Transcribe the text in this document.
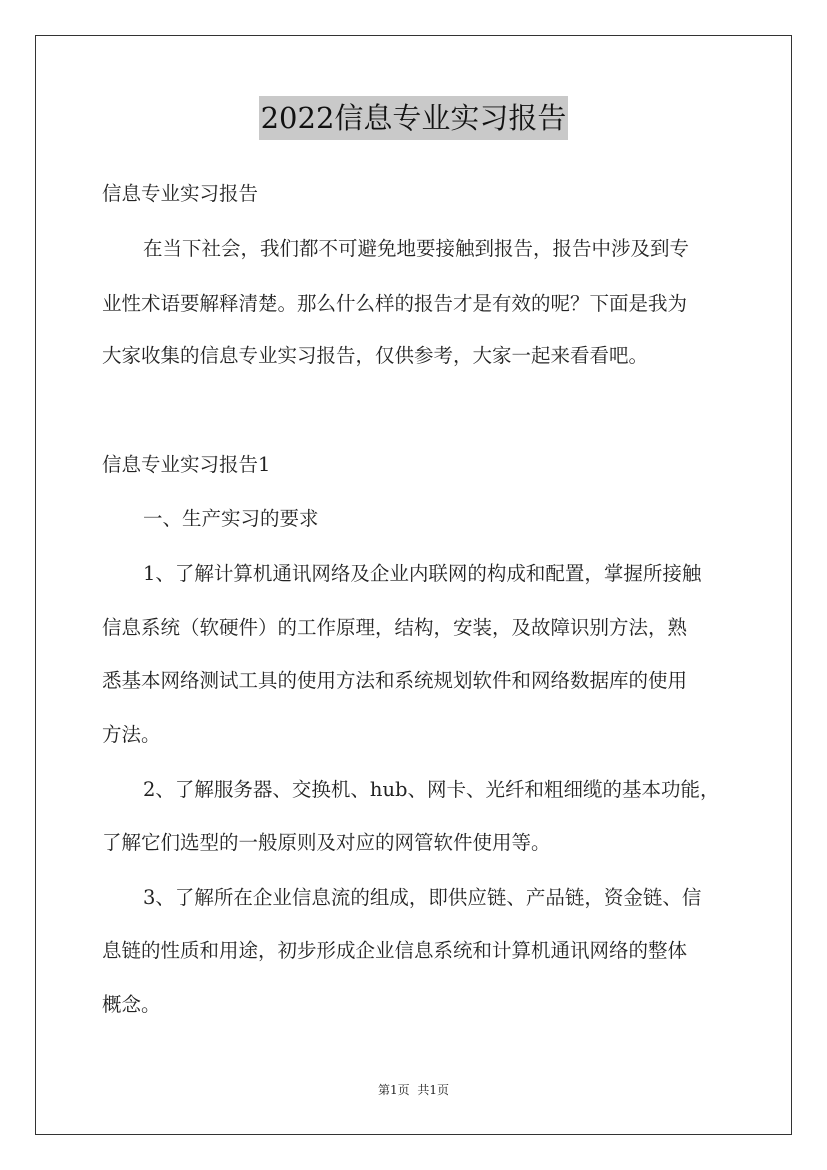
2022信息专业实习报告
信息专业实习报告
在当下社会，我们都不可避免地要接触到报告，报告中涉及到专
业性术语要解释清楚。那么什么样的报告才是有效的呢？下面是我为
大家收集的信息专业实习报告，仅供参考，大家一起来看看吧。
信息专业实习报告1
一、生产实习的要求
1、了解计算机通讯网络及企业内联网的构成和配置，掌握所接触
信息系统（软硬件）的工作原理，结构，安装，及故障识别方法，熟
悉基本网络测试工具的使用方法和系统规划软件和网络数据库的使用
方法。
2、了解服务器、交换机、hub、网卡、光纤和粗细缆的基本功能，
了解它们选型的一般原则及对应的网管软件使用等。
3、了解所在企业信息流的组成，即供应链、产品链，资金链、信
息链的性质和用途，初步形成企业信息系统和计算机通讯网络的整体
概念。
第1页 共1页
